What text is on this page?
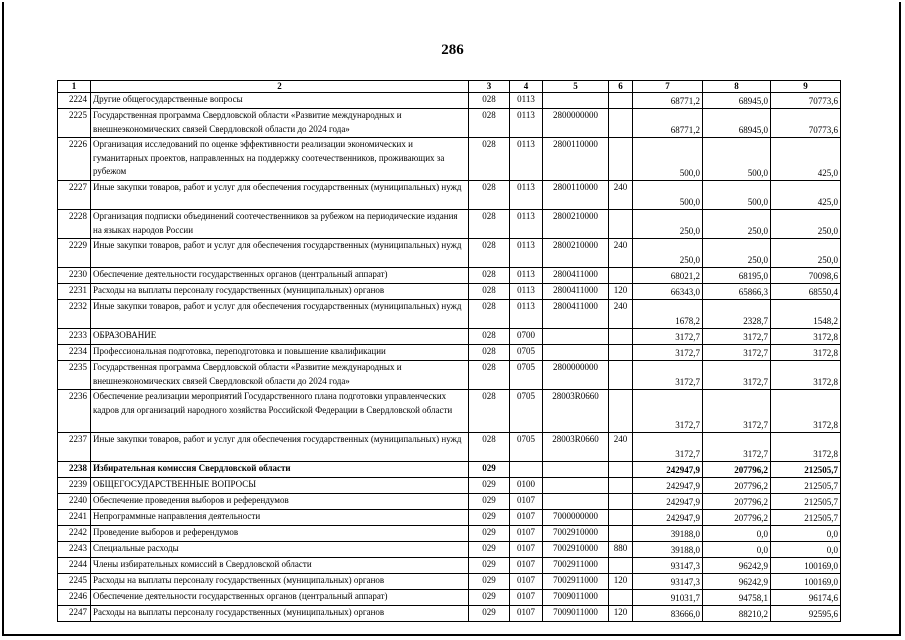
286
1	2	3	4	5	6	7	8	9
2224	Другие общегосударственные вопросы	028	0113			68771,2	68945,0	70773,6
2225	Государственная программа Свердловской области «Развитие международных и внешнеэкономических связей Свердловской области до 2024 года»	028	0113	2800000000		68771,2	68945,0	70773,6
2226	Организация исследований по оценке эффективности реализации экономических и гуманитарных проектов, направленных на поддержку соотечественников, проживающих за рубежом	028	0113	2800110000		500,0	500,0	425,0
2227	Иные закупки товаров, работ и услуг для обеспечения государственных (муниципальных) нужд	028	0113	2800110000	240	500,0	500,0	425,0
2228	Организация подписки объединений соотечественников за рубежом на периодические издания на языках народов России	028	0113	2800210000		250,0	250,0	250,0
2229	Иные закупки товаров, работ и услуг для обеспечения государственных (муниципальных) нужд	028	0113	2800210000	240	250,0	250,0	250,0
2230	Обеспечение деятельности государственных органов (центральный аппарат)	028	0113	2800411000		68021,2	68195,0	70098,6
2231	Расходы на выплаты персоналу государственных (муниципальных) органов	028	0113	2800411000	120	66343,0	65866,3	68550,4
2232	Иные закупки товаров, работ и услуг для обеспечения государственных (муниципальных) нужд	028	0113	2800411000	240	1678,2	2328,7	1548,2
2233	ОБРАЗОВАНИЕ	028	0700			3172,7	3172,7	3172,8
2234	Профессиональная подготовка, переподготовка и повышение квалификации	028	0705			3172,7	3172,7	3172,8
2235	Государственная программа Свердловской области «Развитие международных и внешнеэкономических связей Свердловской области до 2024 года»	028	0705	2800000000		3172,7	3172,7	3172,8
2236	Обеспечение реализации мероприятий Государственного плана подготовки управленческих кадров для организаций народного хозяйства Российской Федерации в Свердловской области	028	0705	28003R0660		3172,7	3172,7	3172,8
2237	Иные закупки товаров, работ и услуг для обеспечения государственных (муниципальных) нужд	028	0705	28003R0660	240	3172,7	3172,7	3172,8
2238	Избирательная комиссия Свердловской области	029				242947,9	207796,2	212505,7
2239	ОБЩЕГОСУДАРСТВЕННЫЕ ВОПРОСЫ	029	0100			242947,9	207796,2	212505,7
2240	Обеспечение проведения выборов и референдумов	029	0107			242947,9	207796,2	212505,7
2241	Непрограммные направления деятельности	029	0107	7000000000		242947,9	207796,2	212505,7
2242	Проведение выборов и референдумов	029	0107	7002910000		39188,0	0,0	0,0
2243	Специальные расходы	029	0107	7002910000	880	39188,0	0,0	0,0
2244	Члены избирательных комиссий в Свердловской области	029	0107	7002911000		93147,3	96242,9	100169,0
2245	Расходы на выплаты персоналу государственных (муниципальных) органов	029	0107	7002911000	120	93147,3	96242,9	100169,0
2246	Обеспечение деятельности государственных органов (центральный аппарат)	029	0107	7009011000		91031,7	94758,1	96174,6
2247	Расходы на выплаты персоналу государственных (муниципальных) органов	029	0107	7009011000	120	83666,0	88210,2	92595,6
